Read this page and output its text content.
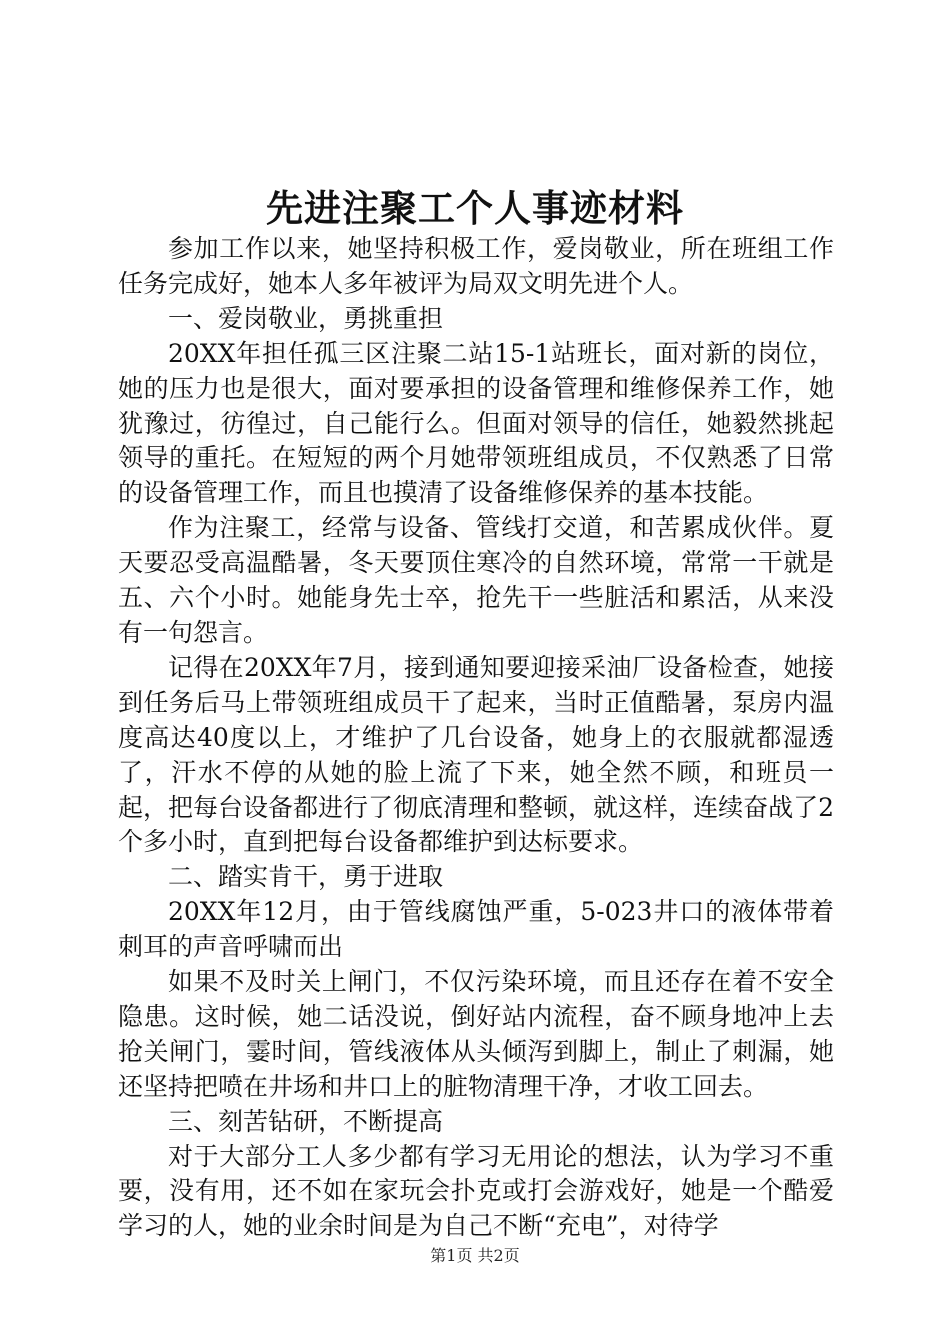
先进注聚工个人事迹材料

参加工作以来，她坚持积极工作，爱岗敬业，所在班组工作任务完成好，她本人多年被评为局双文明先进个人。

一、爱岗敬业，勇挑重担

20XX年担任孤三区注聚二站15-1站班长，面对新的岗位，她的压力也是很大，面对要承担的设备管理和维修保养工作，她犹豫过，彷徨过，自己能行么。但面对领导的信任，她毅然挑起领导的重托。在短短的两个月她带领班组成员，不仅熟悉了日常的设备管理工作，而且也摸清了设备维修保养的基本技能。

作为注聚工，经常与设备、管线打交道，和苦累成伙伴。夏天要忍受高温酷暑，冬天要顶住寒冷的自然环境，常常一干就是五、六个小时。她能身先士卒，抢先干一些脏活和累活，从来没有一句怨言。

记得在20XX年7月，接到通知要迎接采油厂设备检查，她接到任务后马上带领班组成员干了起来，当时正值酷暑，泵房内温度高达40度以上，才维护了几台设备，她身上的衣服就都湿透了，汗水不停的从她的脸上流了下来，她全然不顾，和班员一起，把每台设备都进行了彻底清理和整顿，就这样，连续奋战了2个多小时，直到把每台设备都维护到达标要求。

二、踏实肯干，勇于进取

20XX年12月，由于管线腐蚀严重，5-023井口的液体带着刺耳的声音呼啸而出

如果不及时关上闸门，不仅污染环境，而且还存在着不安全隐患。这时候，她二话没说，倒好站内流程，奋不顾身地冲上去抢关闸门，霎时间，管线液体从头倾泻到脚上，制止了刺漏，她还坚持把喷在井场和井口上的脏物清理干净，才收工回去。

三、刻苦钻研，不断提高

对于大部分工人多少都有学习无用论的想法，认为学习不重要，没有用，还不如在家玩会扑克或打会游戏好，她是一个酷爱学习的人，她的业余时间是为自己不断“充电”，对待学

第1页 共2页
